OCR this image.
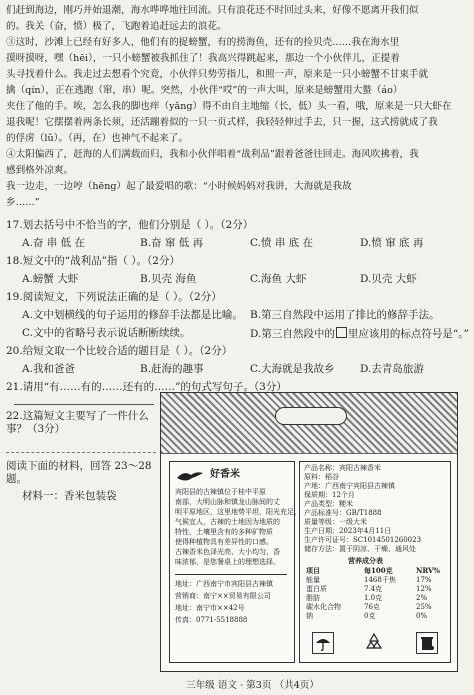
们赶到海边，刚巧并始退潮，海水哗哗地往回流。只有浪花还不时回过头来，好像不愿离开我们似
的。我关（奋，愤）极了，飞跑着追赶远去的浪花。
③这时，沙滩上已经有好多人，他们有的捉螃蟹，有的捞海鱼，还有的捡贝壳……我在海水里
摸呀摸呀，嘿（hēi），一只小螃蟹被我抓住了！我高兴得跳起来，那边一个小伙伴儿，正提着
头寻找着什么。我走过去想看个究竟，小伙伴只势劳指儿，和照一声，原来是一只小螃蟹不甘束手就
擒（qín），正在逃跑（窜，串）呢。突然，小伙伴“哎”的一声大叫，原来是螃蟹用大螯（áo）
夹住了他的手。唉，怎么我的脚也痒（yǎng）得不由自主地缩（长，低）头一看，哦，原来是一只大虾在
退我呢！它摆摆着两条长须，还活蹦着似的一只一页式样，我轻轻伸过手去，只一握，这式捞就成了我
的俘虏（lǔ）。（再，在）也神气不起来了。
④太阳偏西了，赶海的人们满载而归，我和小伙伴唱着“战利品”跟着爸爸往回走。海风吹拂着，我
感到格外凉爽。
我一边走，一边哼（hēng）起了最爱唱的歌：“小时候妈妈对我讲，大海就是我故
乡……”
17.划去括号中不恰当的字，他们分别是（ ）。（2分）
A.奋 串 低 在	B.奋 窜 低 再	C.愤 串 底 在	D.愤 窜 底 再
18.短文中的“战利品”指（ ）。（2分）
A.螃蟹 大虾	B.贝壳 海鱼	C.海鱼 大虾	D.贝壳 大虾
19.阅读短文，下列说法正确的是（ ）。（2分）
A.文中划横线的句子运用的修辞手法都是比喻。 B.第三自然段中运用了排比的修辞手法。
C.文中的省略号表示说话断断续续。	D.第三自然段中的 里应该用的标点符号是“。”
20.给短文取一个比较合适的题目是（ ）。（2分）
A.我和爸爸	B.赶海的趣事	C.大海就是我故乡 D.去青岛旅游
好香米
宾阳县的古辣镇位于桂中平原
南部，大明山脉和镇龙山脉间的丈
明平原地区，这里地势平坦，阳光充足，
气候宜人，古辣的土地因为地质的
特性，土壤里含有的多种矿物质
使得种植物具有差异性的口感。
古辣香米色泽光亮、大小均匀、香
味浓郁，是您餐桌上的理想选择。
地址：广西南宁市宾阳县古辣镇
营销商：南宁××贸易有限公司
地址：南宁市××42号
传真：0771-5518888
产品名称：宾阳古辣香米
原料：稻谷
产地：广西南宁宾阳县古辣镇
保质期：12个月
产品类型：粳米
产品标准号：GB/T1888
质量等级：一级大米
生产日期：2023年4月11日
生产许可证号：SC1014501260023
储存方法：置于阴凉、干燥、通风处
营养成分表
项目	每100克	NRV%
能量	1468千焦	17%
蛋白质	7.4克	12%
脂肪	1.0克	2%
碳水化合物	76克	25%
钠	0克	0%
21.请用“有……有的……还有的……”的句式写句子。（3分）
三年级 语文 · 第3页 （共4页）
22.这篇短文主要写了一件什么事？（3分）
阅读下面的材料，回答 23～28 题。
材料一：香米包装袋
